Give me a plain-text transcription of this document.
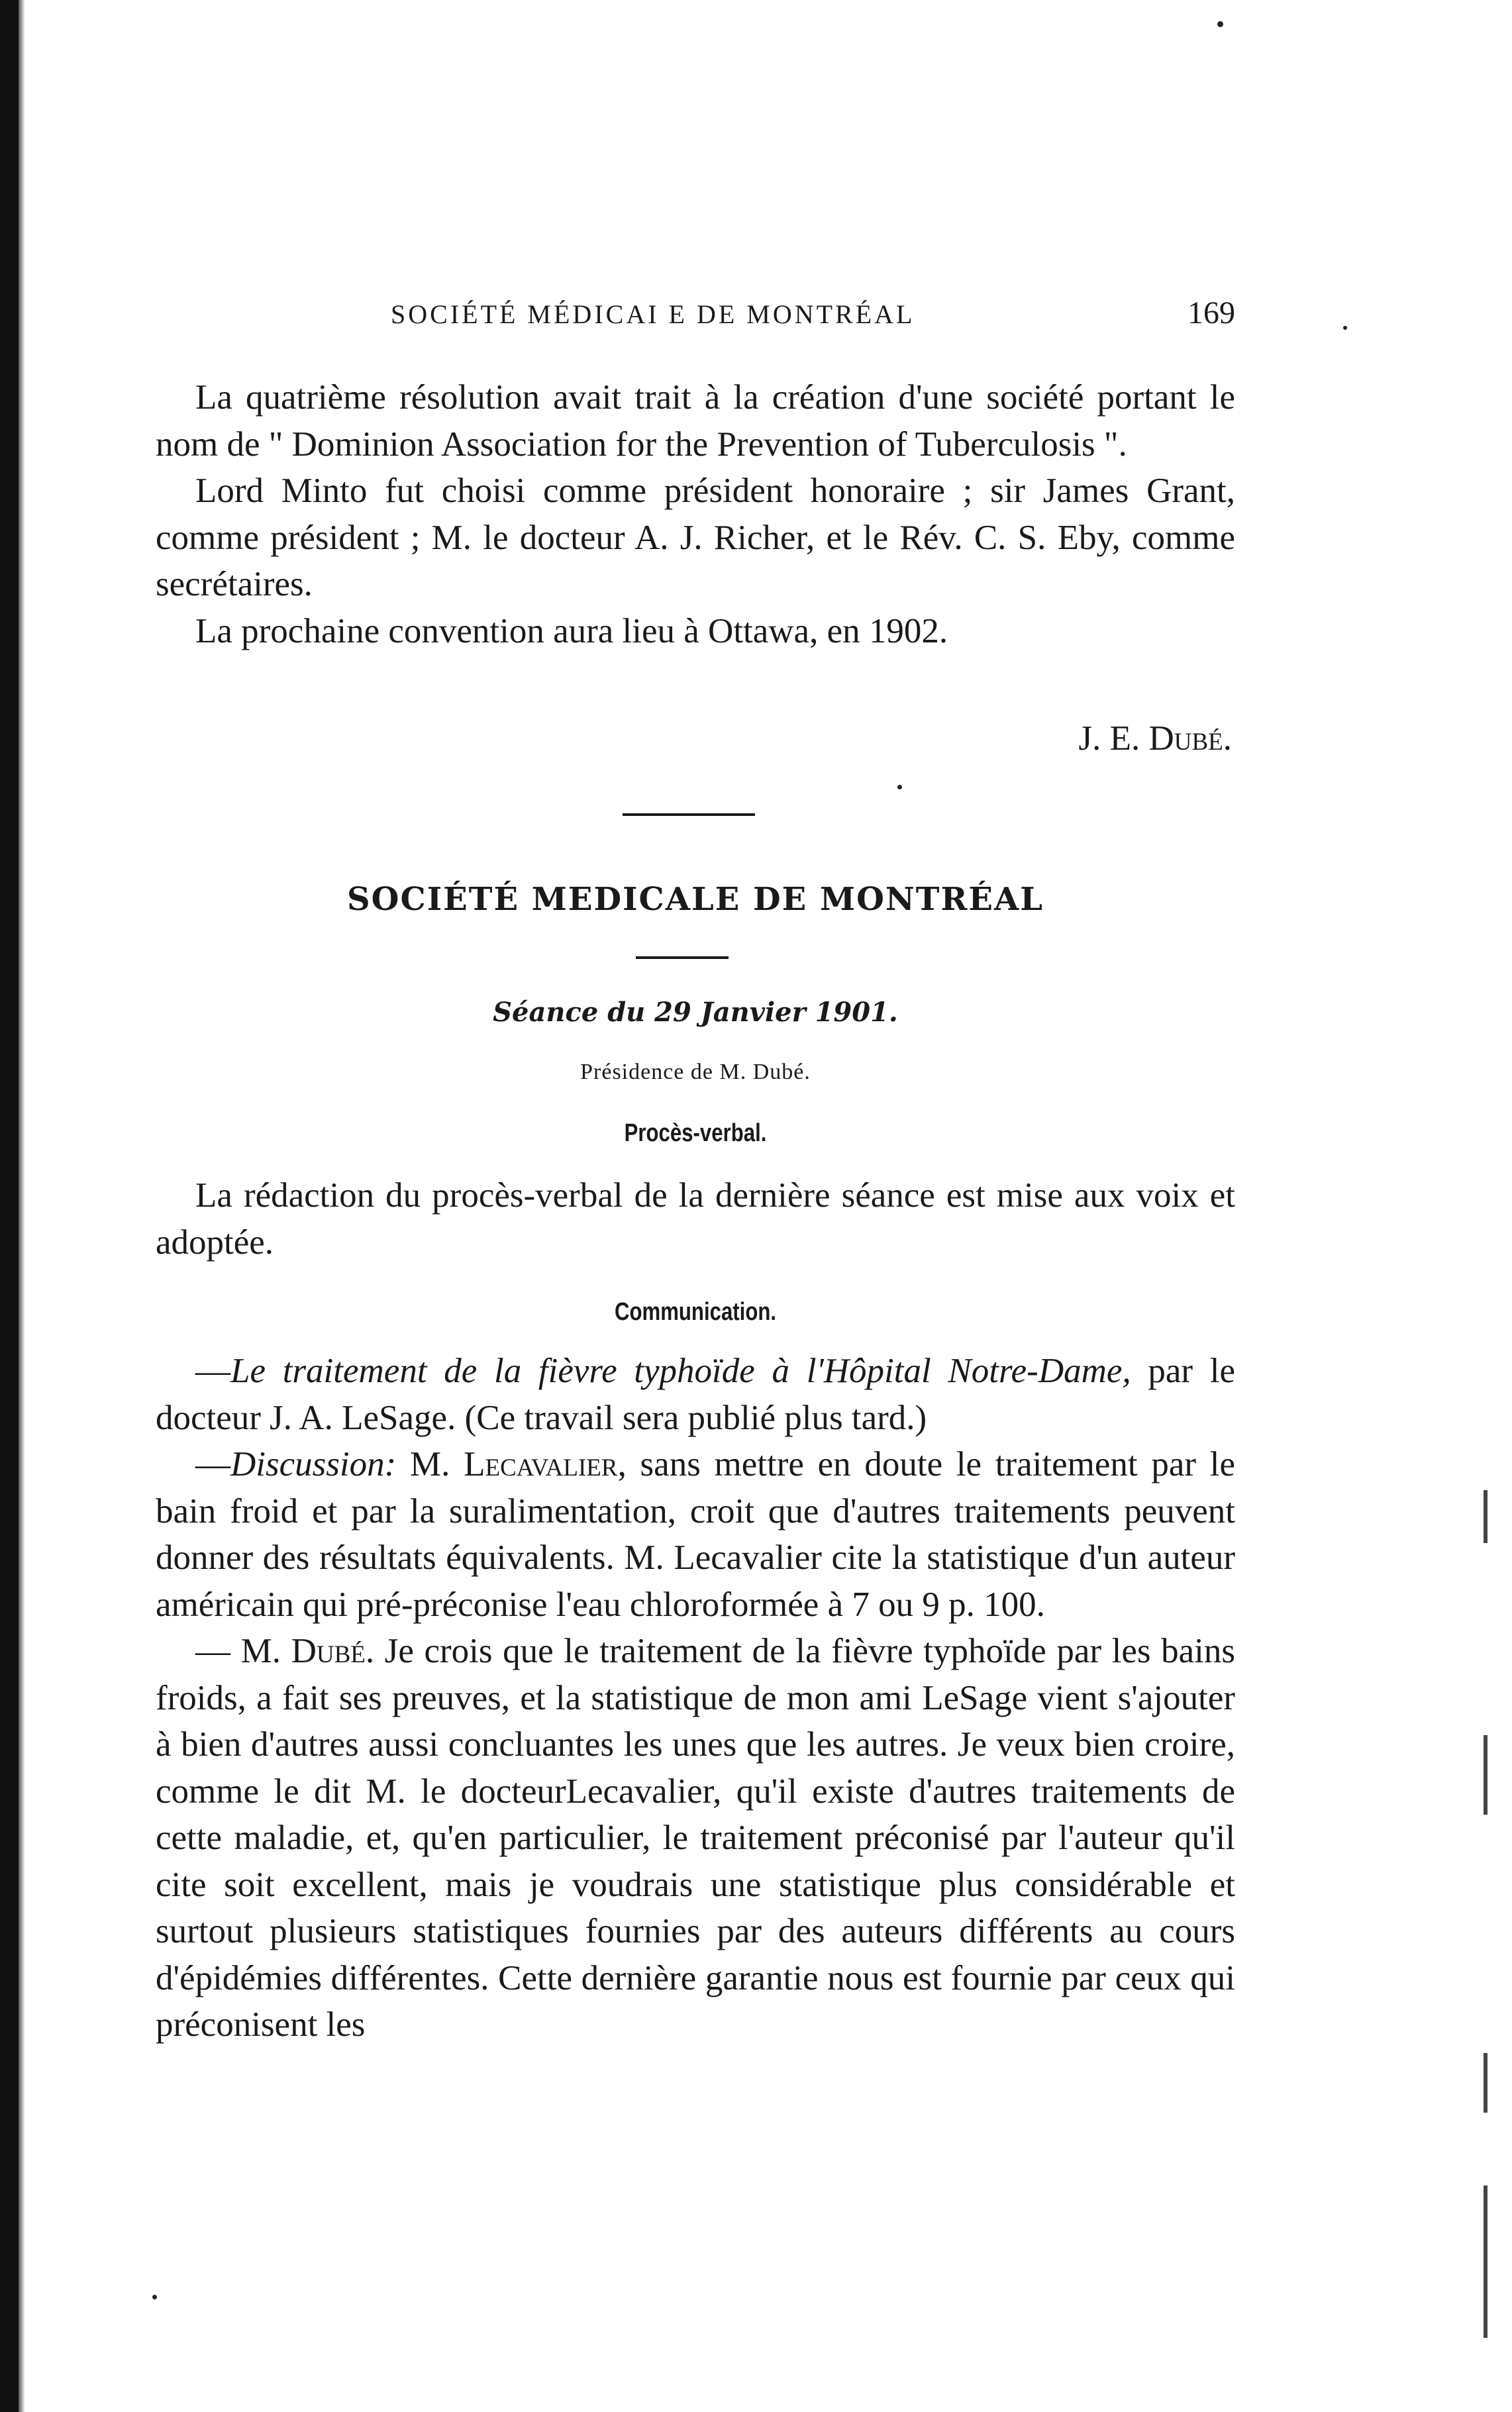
SOCIÉTÉ MÉDICAI E DE MONTRÉAL	169

La quatrième résolution avait trait à la création d'une société portant le nom de " Dominion Association for the Prevention of Tuberculosis ".

Lord Minto fut choisi comme président honoraire ; sir James Grant, comme président ; M. le docteur A. J. Richer, et le Rév. C. S. Eby, comme secrétaires.

La prochaine convention aura lieu à Ottawa, en 1902.

J. E. Dubé.
SOCIÉTÉ MEDICALE DE MONTRÉAL
Séance du 29 Janvier 1901.
Présidence de M. Dubé.
Procès-verbal.

La rédaction du procès-verbal de la dernière séance est mise aux voix et adoptée.

Communication.

—Le traitement de la fièvre typhoïde à l'Hôpital Notre-Dame, par le docteur J. A. LeSage. (Ce travail sera publié plus tard.)

—Discussion: M. Lecavalier, sans mettre en doute le traitement par le bain froid et par la suralimentation, croit que d'autres traitements peuvent donner des résultats équivalents. M. Lecavalier cite la statistique d'un auteur américain qui pré-préconise l'eau chloroformée à 7 ou 9 p. 100.

— M. Dubé. Je crois que le traitement de la fièvre typhoïde par les bains froids, a fait ses preuves, et la statistique de mon ami LeSage vient s'ajouter à bien d'autres aussi concluantes les unes que les autres. Je veux bien croire, comme le dit M. le docteurLecavalier, qu'il existe d'autres traitements de cette maladie, et, qu'en particulier, le traitement préconisé par l'auteur qu'il cite soit excellent, mais je voudrais une statistique plus considérable et surtout plusieurs statistiques fournies par des auteurs différents au cours d'épidémies différentes. Cette dernière garantie nous est fournie par ceux qui préconisent les
